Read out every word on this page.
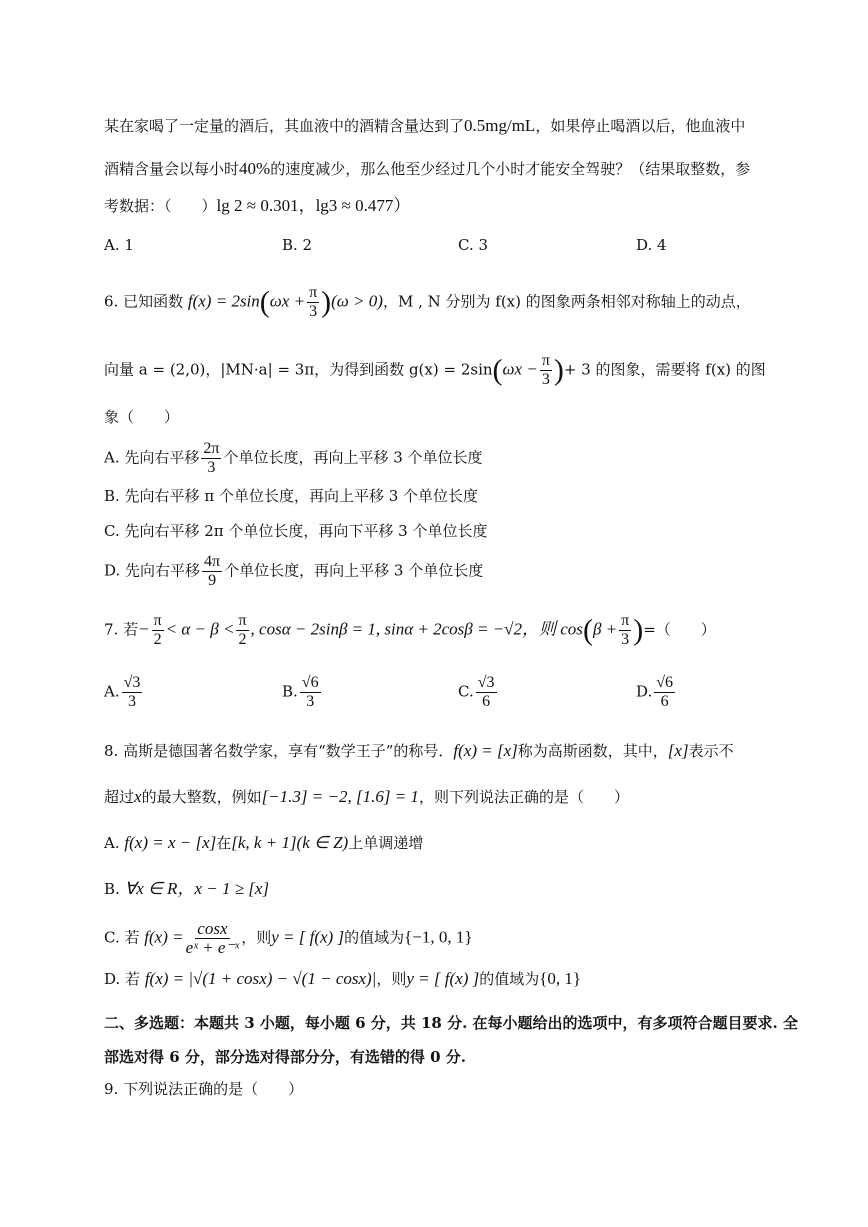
某在家喝了一定量的酒后，其血液中的酒精含量达到了0.5mg/mL，如果停止喝酒以后，他血液中
酒精含量会以每小时40%的速度减少，那么他至少经过几个小时才能安全驾驶？（结果取整数，参
考数据：（　　）lg 2 ≈ 0.301，lg3 ≈ 0.477）
A. 1	B. 2	C. 3	D. 4
6. 已知函数 $f(x) = 2\sin(\omega x + \frac{\pi}{3} )(\omega > 0)$，M , N 分别为 f(x) 的图象两条相邻对称轴上的动点，
向量 a = (2,0)，|MN·a| = 3π，为得到函数 $g(x) = 2\sin(\omega x - \frac{\pi}{3}$ )+ 3 的图象，需要将 f(x) 的图
象（　　）
A. 先向右平移 $\frac{2\pi}{3}$ 个单位长度，再向上平移 3 个单位长度
B. 先向右平移 π 个单位长度，再向上平移 3 个单位长度
C. 先向右平移 2π 个单位长度，再向下平移 3 个单位长度
D. 先向右平移 $\frac{4\pi}{9}$ 个单位长度，再向上平移 3 个单位长度
7. 若− $\frac{\pi}{2} < \alpha - \beta < \frac{\pi}{2}$ , cosα − 2sinβ = 1, sinα + 2cosβ = −√2，则 $\cos(\beta + \frac{\pi}{3}$ )=（　　）
A. $\frac{√3}{3}$	B. $\frac{√6}{3}$	C. $\frac{√3}{6}$	D. $\frac{√6}{6}$
8. 高斯是德国著名数学家，享有“数学王子”的称号．f(x) = [x]称为高斯函数，其中，[x]表示不
超过x的最大整数，例如[−1.3] = −2, [1.6] = 1，则下列说法正确的是（　　）
A. f(x) = x − [x]在[k, k + 1](k ∈ Z)上单调递增
B. ∀x ∈ R，x − 1 ≥ [x]
C. 若 $f(x) = \frac{\cos x}{\text{eˣ + e⁻ˣ}}$ ，则y = [ f(x) ]的值域为{−1, 0, 1}
D. 若 f(x) = |√(1 + cosx) − √(1 − cosx)|，则y = [ f(x) ]的值域为{0, 1}
二、多选题：本题共 3 小题，每小题 6 分，共 18 分. 在每小题给出的选项中，有多项符合题目要求. 全
部选对得 6 分，部分选对得部分分，有选错的得 0 分.
9. 下列说法正确的是（　　）
